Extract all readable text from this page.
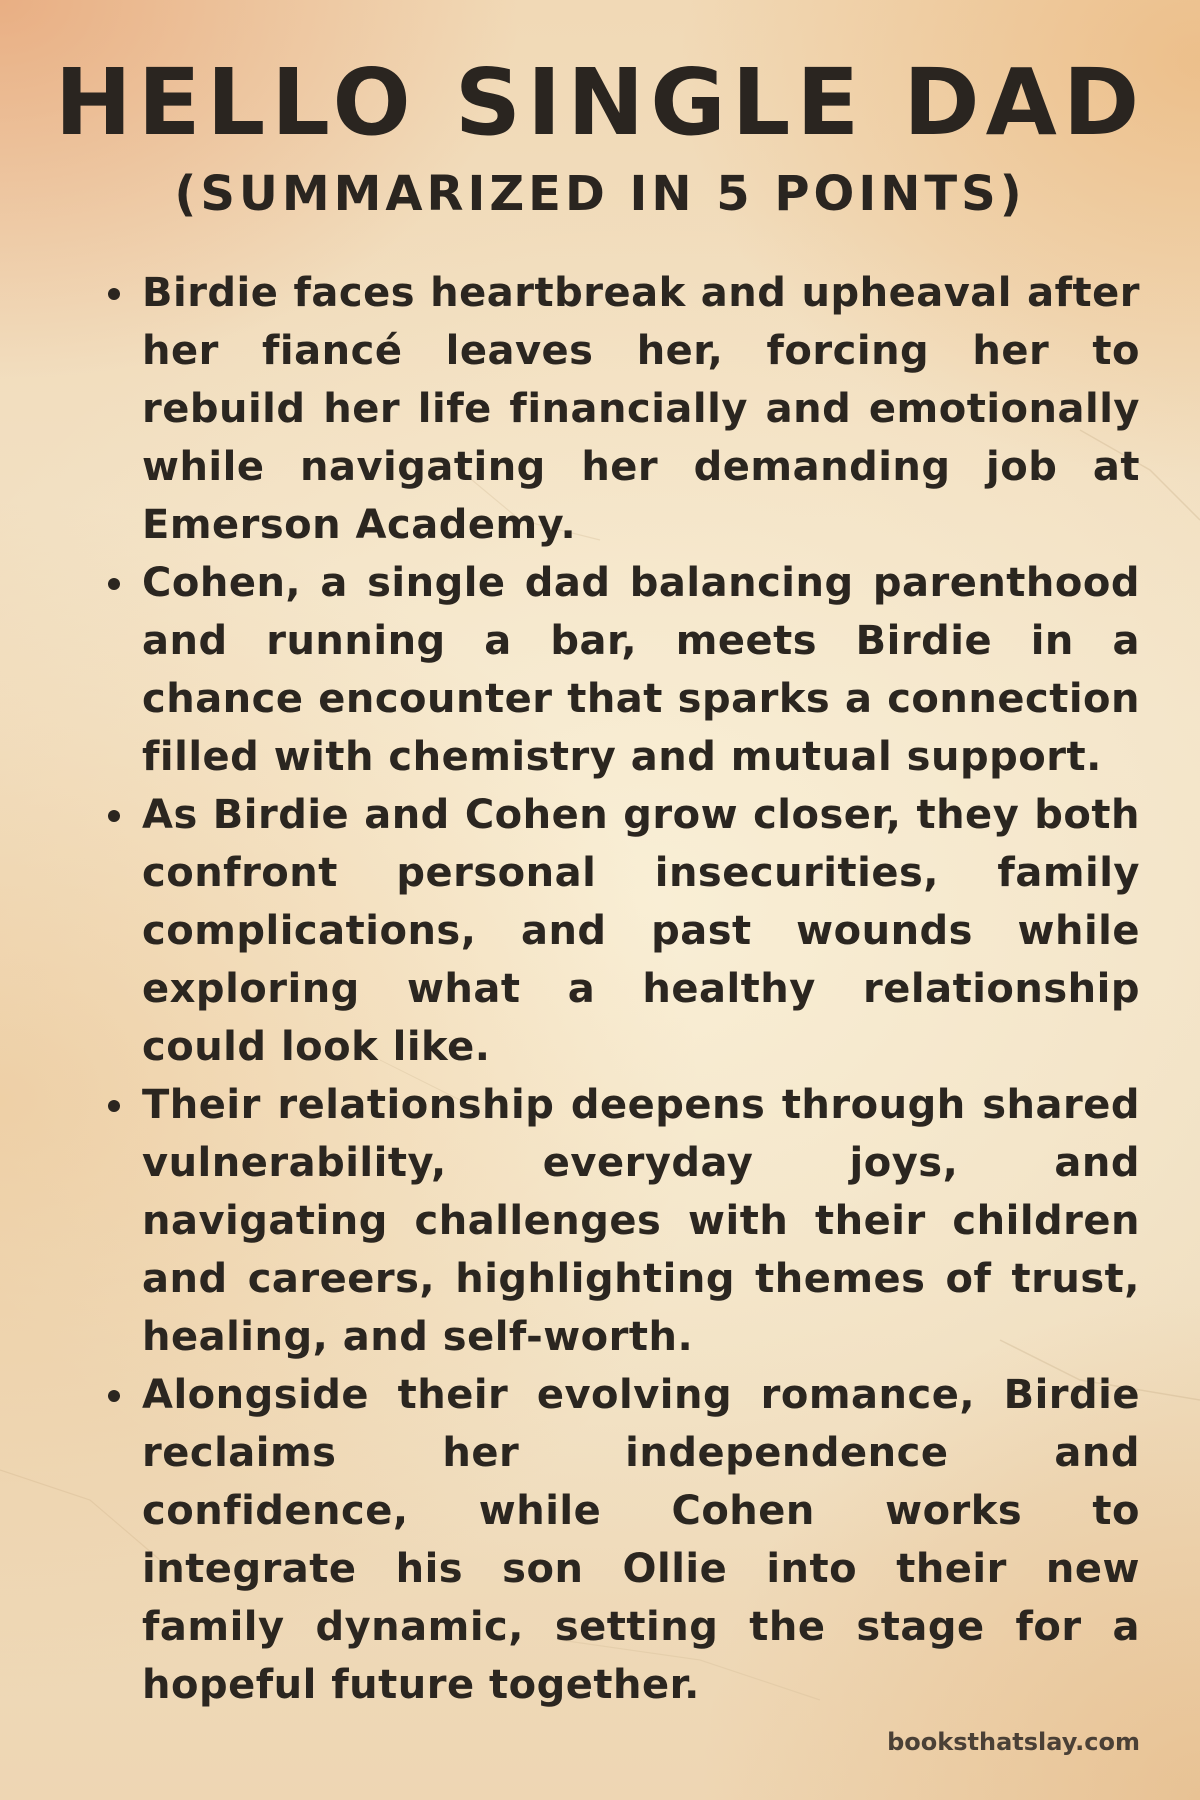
HELLO SINGLE DAD
(SUMMARIZED IN 5 POINTS)
Birdie faces heartbreak and upheaval after her fiancé leaves her, forcing her to rebuild her life financially and emotionally while navigating her demanding job at Emerson Academy.
Cohen, a single dad balancing parenthood and running a bar, meets Birdie in a chance encounter that sparks a connection filled with chemistry and mutual support.
As Birdie and Cohen grow closer, they both confront personal insecurities, family complications, and past wounds while exploring what a healthy relationship could look like.
Their relationship deepens through shared vulnerability, everyday joys, and navigating challenges with their children and careers, highlighting themes of trust, healing, and self-worth.
Alongside their evolving romance, Birdie reclaims her independence and confidence, while Cohen works to integrate his son Ollie into their new family dynamic, setting the stage for a hopeful future together.
booksthatslay.com
